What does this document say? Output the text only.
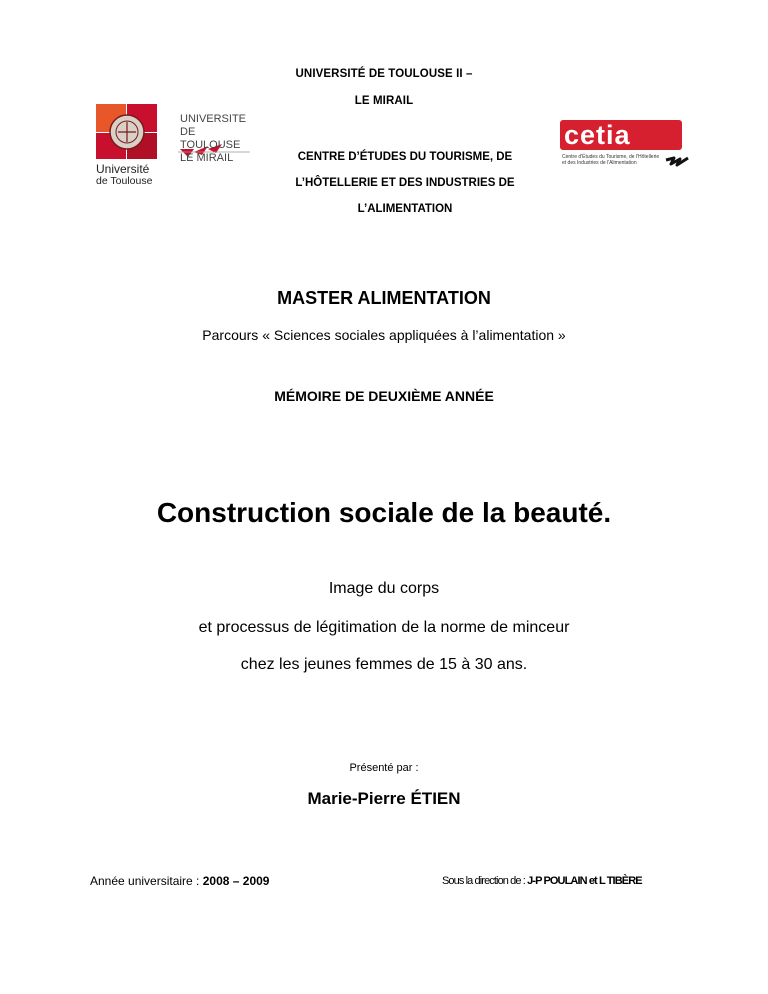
UNIVERSITÉ DE TOULOUSE II –
LE MIRAIL
CENTRE D’ÉTUDES DU TOURISME, DE
L’HÔTELLERIE ET DES INDUSTRIES DE
L’ALIMENTATION
UNIVERSITE
DE TOULOUSE
LE MIRAIL
Université
de Toulouse
cetia
Centre d'Études du Tourisme, de l'Hôtellerie
et des Industries de l'Alimentation
MASTER ALIMENTATION
Parcours « Sciences sociales appliquées à l’alimentation »
MÉMOIRE DE DEUXIÈME ANNÉE
Construction sociale de la beauté.
Image du corps
et processus de légitimation de la norme de minceur
chez les jeunes femmes de 15 à 30 ans.
Présenté par :
Marie-Pierre ÉTIEN
Année universitaire : 2008 – 2009	Sous la direction de : J-P POULAIN et L TIBÈRE
